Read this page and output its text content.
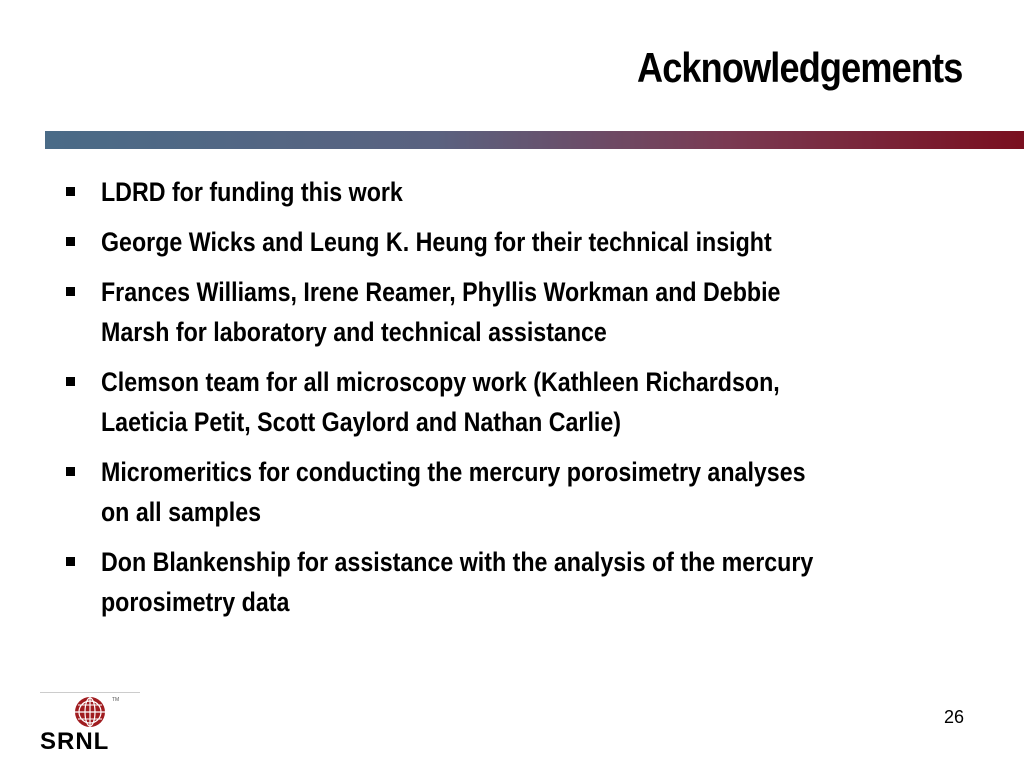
Acknowledgements
LDRD for funding this work
George Wicks and Leung K. Heung for their technical insight
Frances Williams, Irene Reamer, Phyllis Workman and Debbie
Marsh for laboratory and technical assistance
Clemson team for all microscopy work (Kathleen Richardson,
Laeticia Petit, Scott Gaylord and Nathan Carlie)
Micromeritics for conducting the mercury porosimetry analyses
on all samples
Don Blankenship for assistance with the analysis of the mercury
porosimetry data
TM
SRNL
26
